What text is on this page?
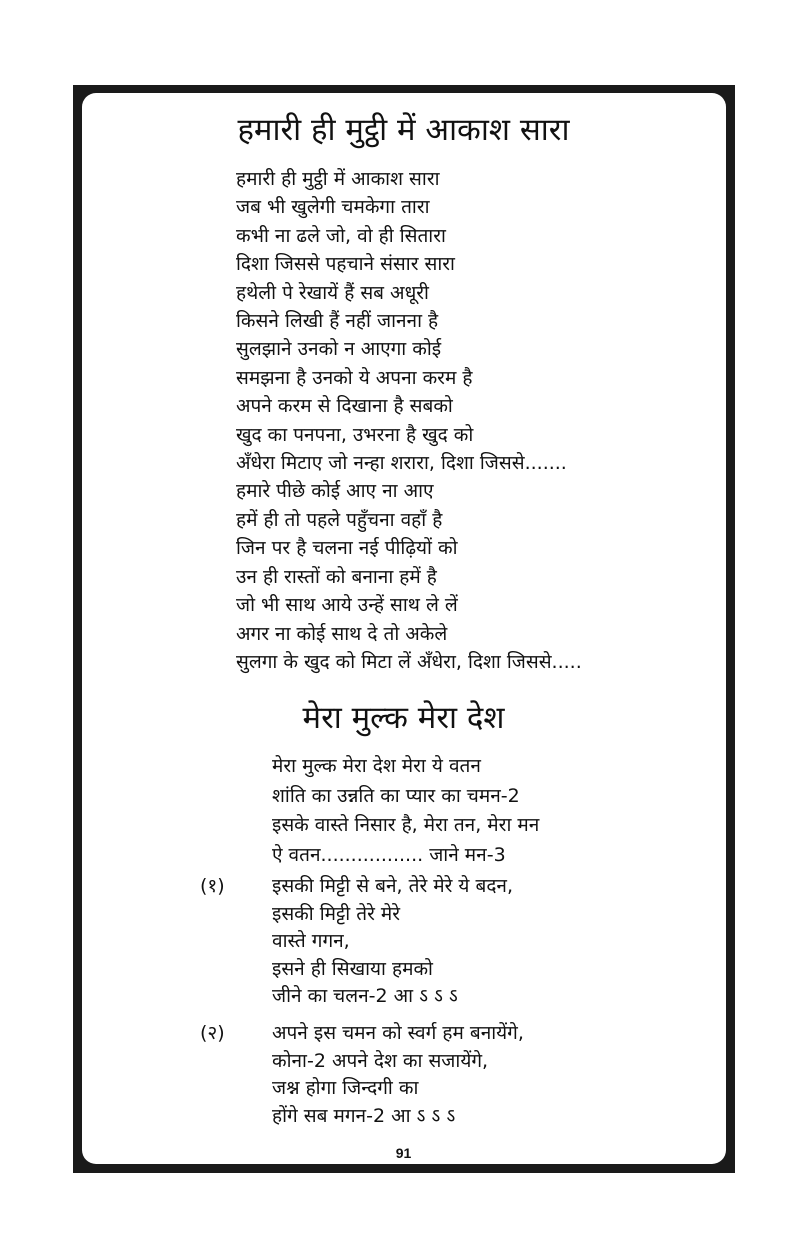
हमारी ही मुट्ठी में आकाश सारा
हमारी ही मुट्ठी में आकाश सारा
जब भी खुलेगी चमकेगा तारा
कभी ना ढले जो, वो ही सितारा
दिशा जिससे पहचाने संसार सारा
हथेली पे रेखायें हैं सब अधूरी
किसने लिखी हैं नहीं जानना है
सुलझाने उनको न आएगा कोई
समझना है उनको ये अपना करम है
अपने करम से दिखाना है सबको
खुद का पनपना, उभरना है खुद को
अँधेरा मिटाए जो नन्हा शरारा, दिशा जिससे.......
हमारे पीछे कोई आए ना आए
हमें ही तो पहले पहुँचना वहाँ है
जिन पर है चलना नई पीढ़ियों को
उन ही रास्तों को बनाना हमें है
जो भी साथ आये उन्हें साथ ले लें
अगर ना कोई साथ दे तो अकेले
सुलगा के खुद को मिटा लें अँधेरा, दिशा जिससे.....
मेरा मुल्क मेरा देश
मेरा मुल्क मेरा देश मेरा ये वतन
शांति का उन्नति का प्यार का चमन-2
इसके वास्ते निसार है, मेरा तन, मेरा मन
ऐ वतन................. जाने मन-3
(१) इसकी मिट्टी से बने, तेरे मेरे ये बदन,
इसकी मिट्टी तेरे मेरे
वास्ते गगन,
इसने ही सिखाया हमको
जीने का चलन-2 आ ऽ ऽ ऽ
(२) अपने इस चमन को स्वर्ग हम बनायेंगे,
कोना-2 अपने देश का सजायेंगे,
जश्न होगा जिन्दगी का
होंगे सब मगन-2 आ ऽ ऽ ऽ
91
